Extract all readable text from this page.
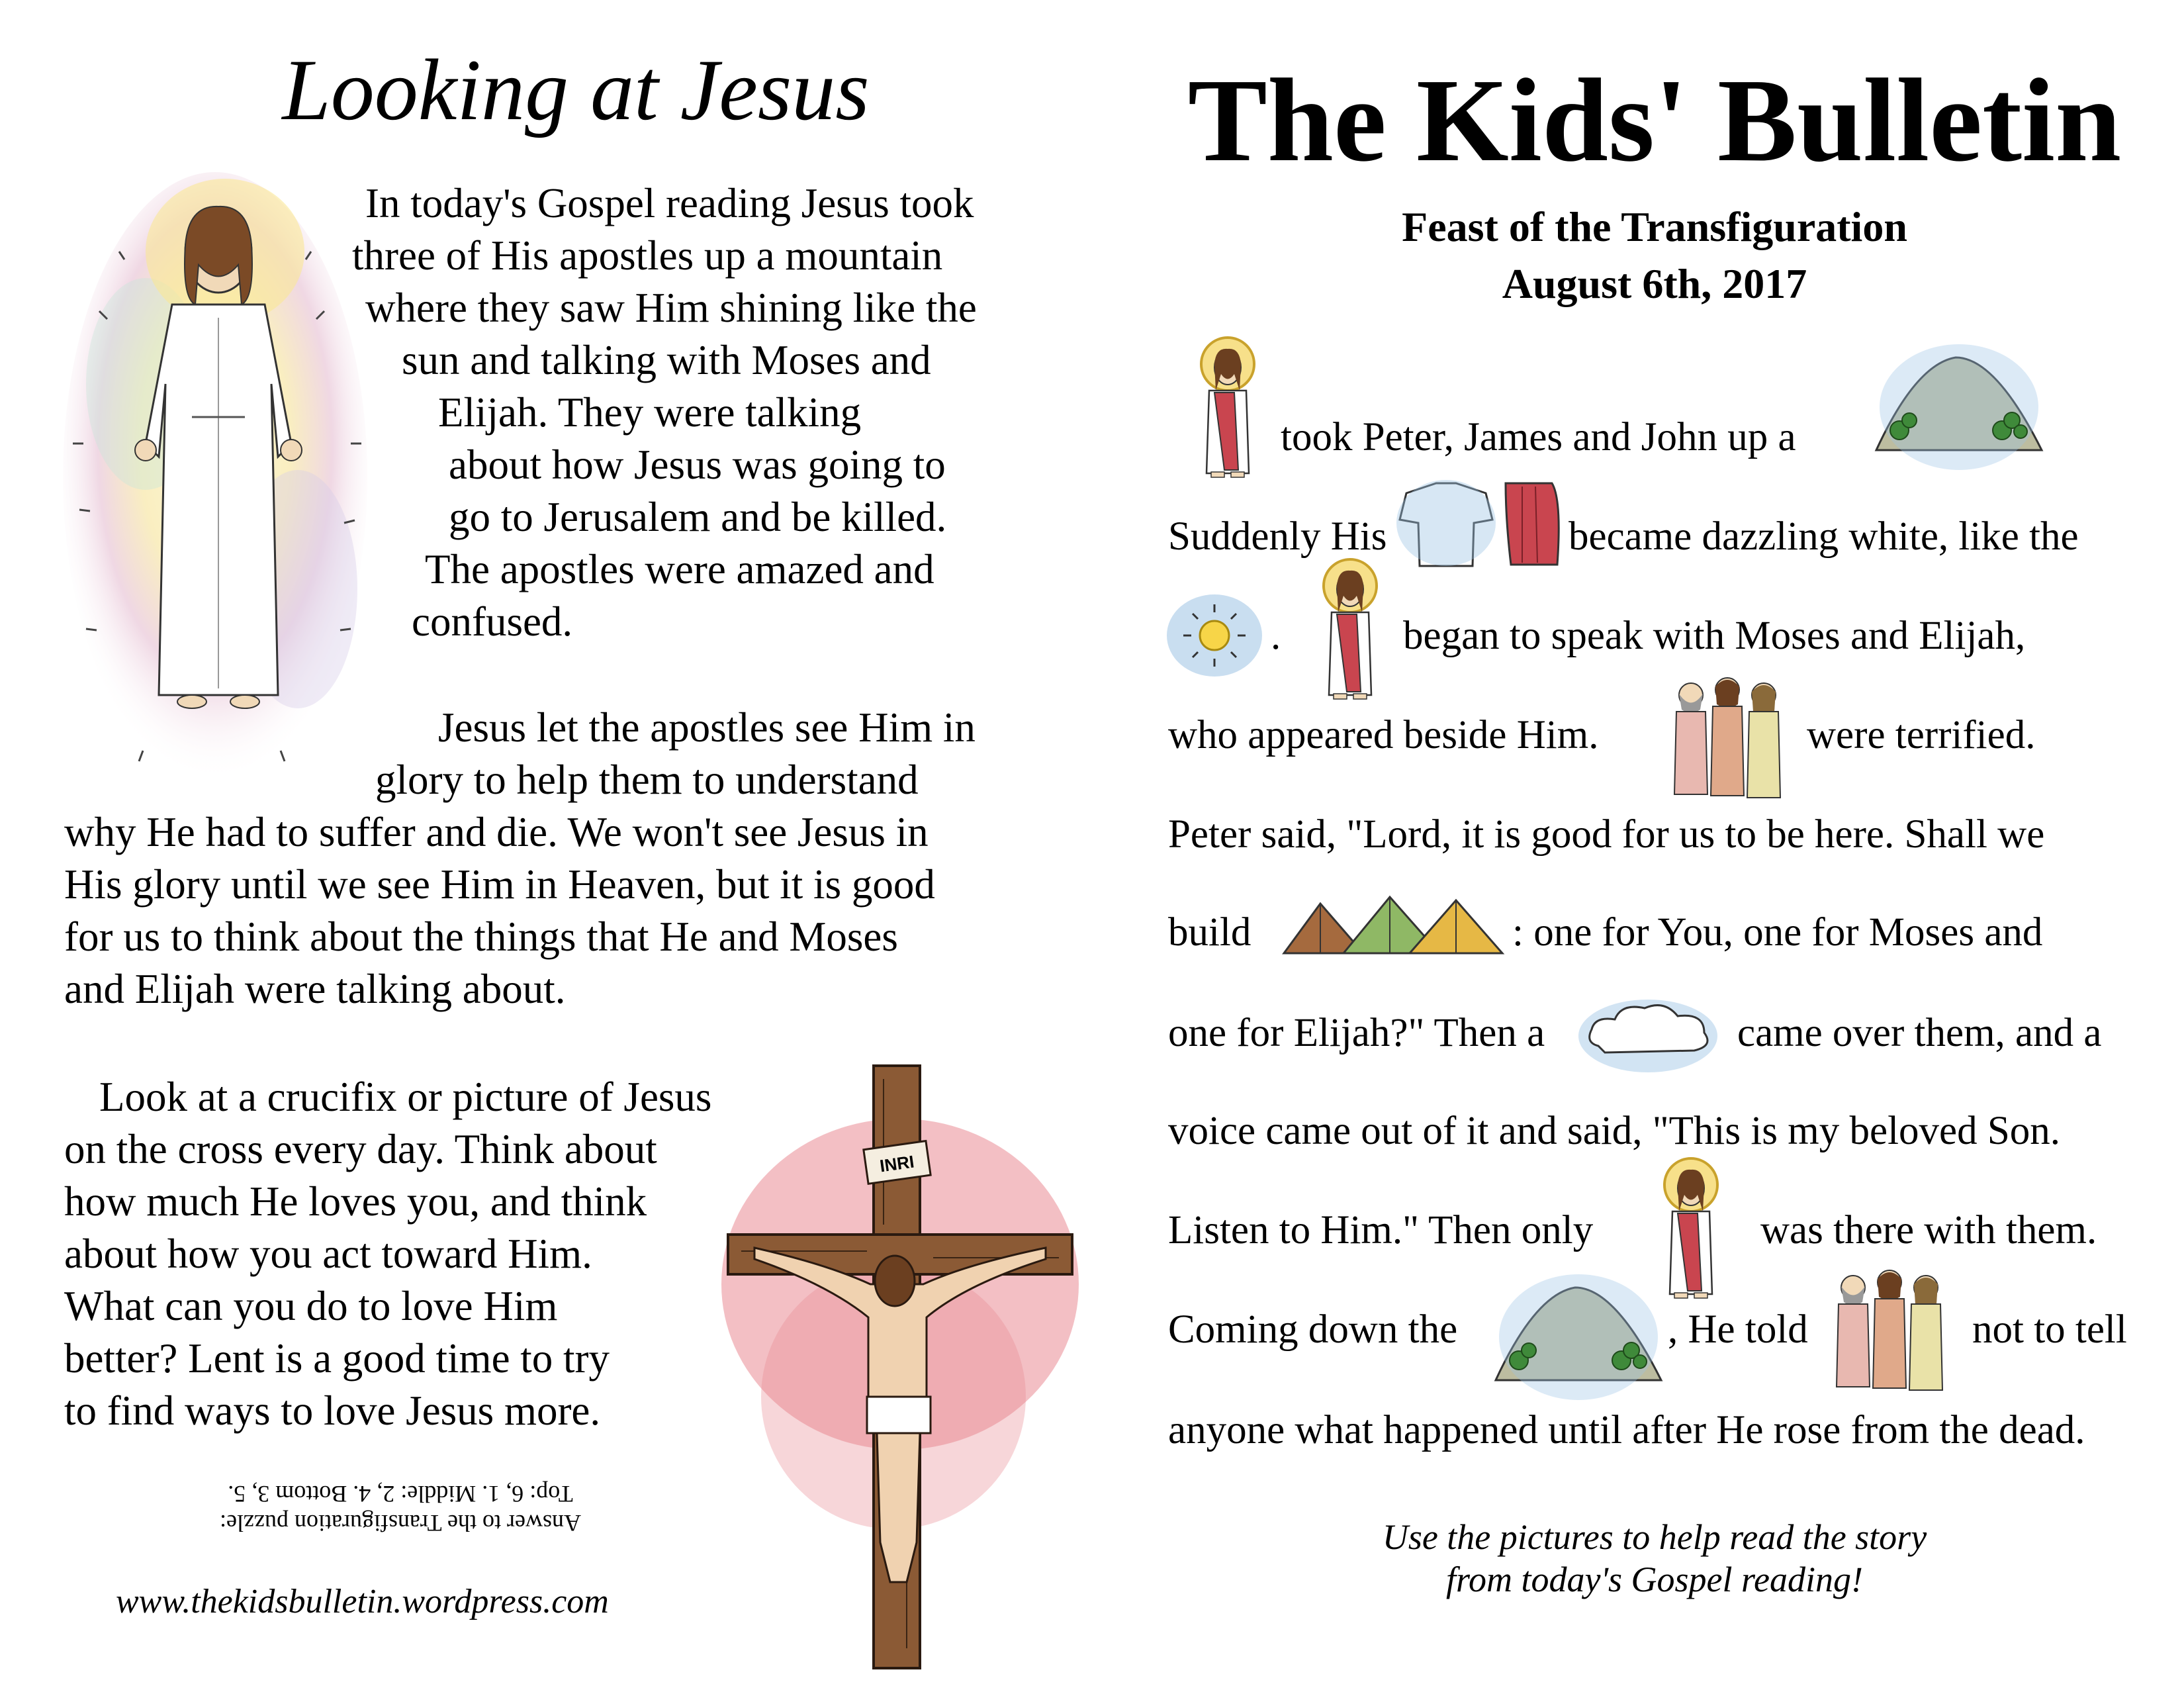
Looking at Jesus
In today's Gospel reading Jesus took
three of His apostles up a mountain
where they saw Him shining like the
sun and talking with Moses and
Elijah. They were talking
about how Jesus was going to
go to Jerusalem and be killed.
The apostles were amazed and
confused.
Jesus let the apostles see Him in
glory to help them to understand
why He had to suffer and die. We won't see Jesus in
His glory until we see Him in Heaven, but it is good
for us to think about the things that He and Moses
and Elijah were talking about.
Look at a crucifix or picture of Jesus
on the cross every day. Think about
how much He loves you, and think
about how you act toward Him.
What can you do to love Him
better? Lent is a good time to try
to find ways to love Jesus more.
INRI
Answer to the Transfiguration puzzle:
Top: 6, 1. Middle: 2, 4. Bottom 3, 5.
www.thekidsbulletin.wordpress.com
The Kids' Bulletin
Feast of the Transfiguration
August 6th, 2017
took Peter, James and John up a
Suddenly His	became dazzling white, like the
.	began to speak with Moses and Elijah,
who appeared beside Him.	were terrified.
Peter said, "Lord, it is good for us to be here. Shall we
build	: one for You, one for Moses and
one for Elijah?" Then a	came over them, and a
voice came out of it and said, "This is my beloved Son.
Listen to Him." Then only	was there with them.
Coming down the	, He told	not to tell
anyone what happened until after He rose from the dead.
Use the pictures to help read the story
from today's Gospel reading!
